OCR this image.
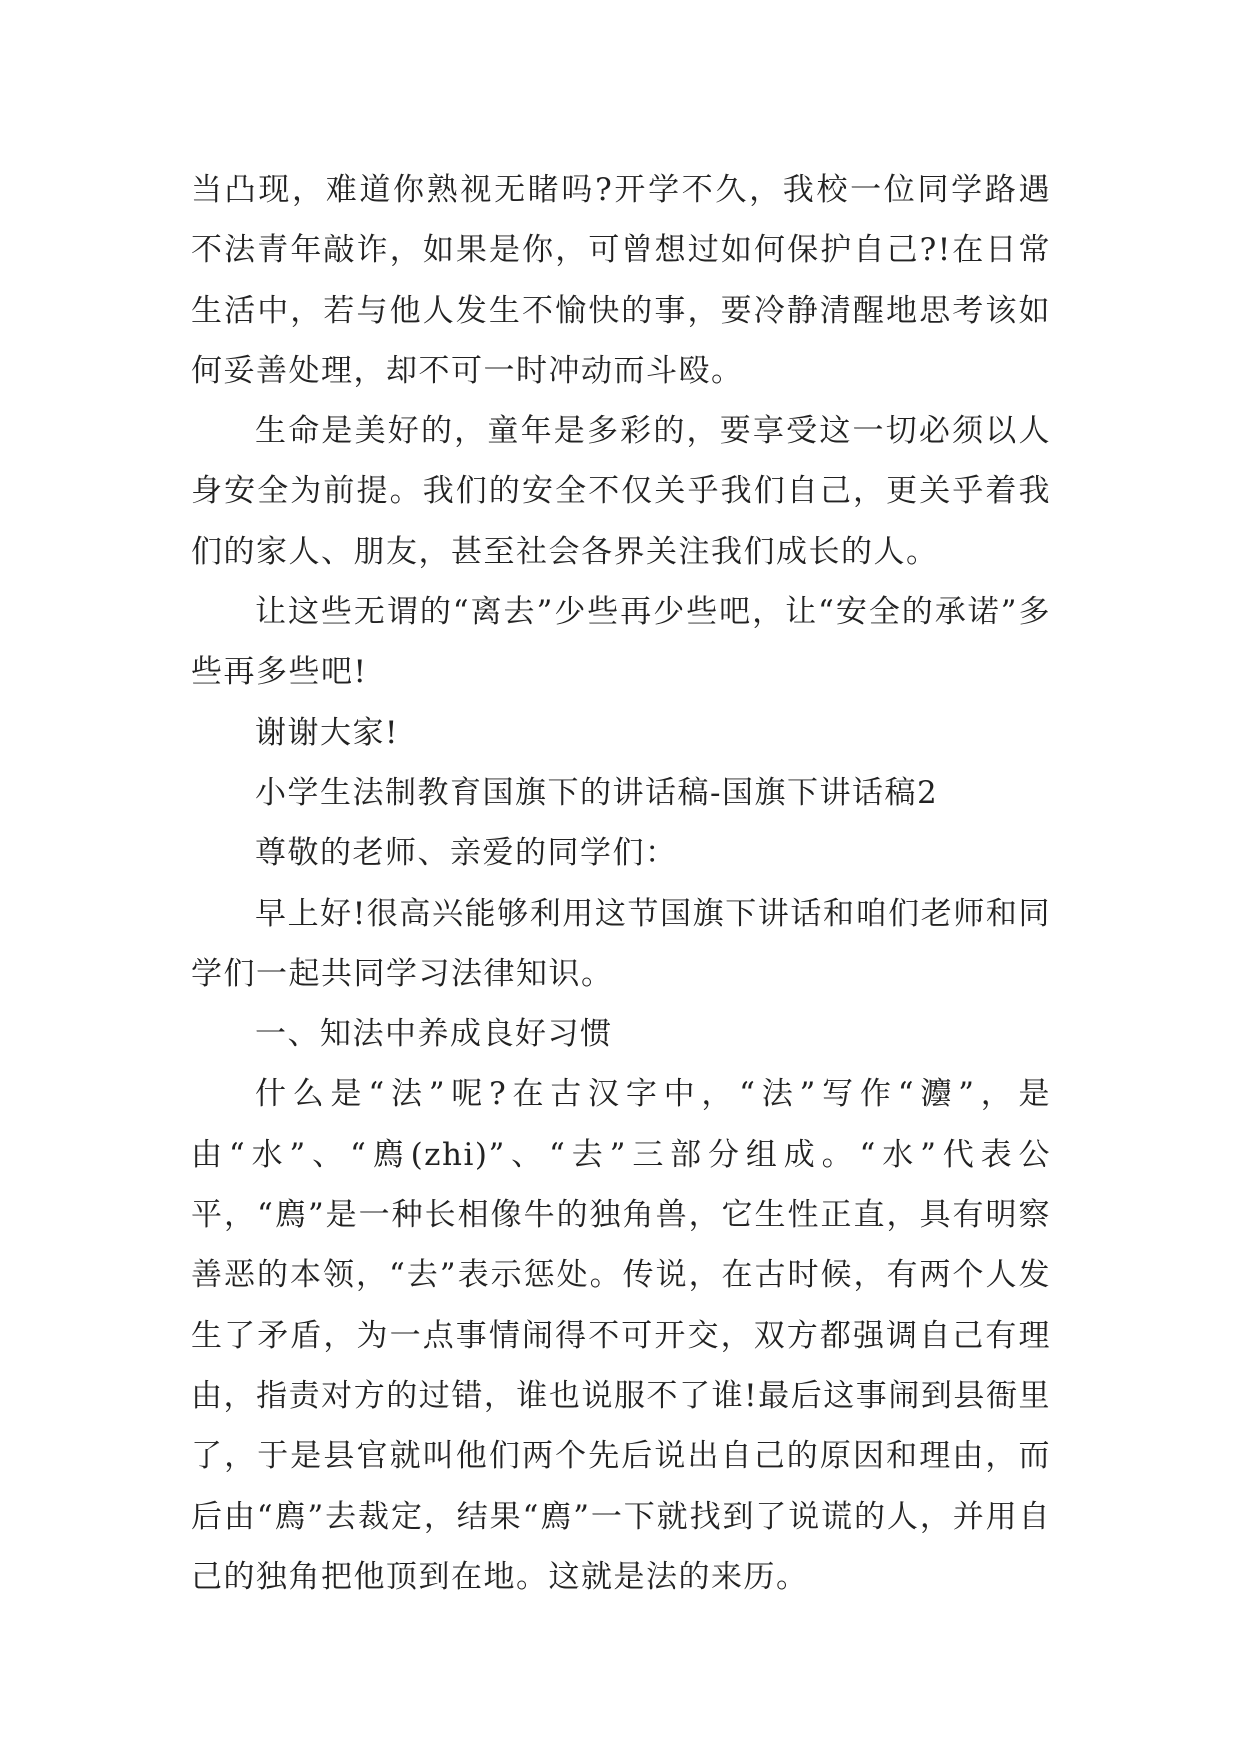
当凸现，难道你熟视无睹吗?开学不久，我校一位同学路遇不法青年敲诈，如果是你，可曾想过如何保护自己?!在日常生活中，若与他人发生不愉快的事，要冷静清醒地思考该如何妥善处理，却不可一时冲动而斗殴。

生命是美好的，童年是多彩的，要享受这一切必须以人身安全为前提。我们的安全不仅关乎我们自己，更关乎着我们的家人、朋友，甚至社会各界关注我们成长的人。

让这些无谓的“离去”少些再少些吧，让“安全的承诺”多些再多些吧!

谢谢大家!

小学生法制教育国旗下的讲话稿-国旗下讲话稿2

尊敬的老师、亲爱的同学们：

早上好!很高兴能够利用这节国旗下讲话和咱们老师和同学们一起共同学习法律知识。

一、知法中养成良好习惯

什么是“法”呢?在古汉字中，“法”写作“灋”，是由“水”、“廌(zhi)”、“去”三部分组成。“水”代表公平，“廌”是一种长相像牛的独角兽，它生性正直，具有明察善恶的本领，“去”表示惩处。传说，在古时候，有两个人发生了矛盾，为一点事情闹得不可开交，双方都强调自己有理由，指责对方的过错，谁也说服不了谁!最后这事闹到县衙里了，于是县官就叫他们两个先后说出自己的原因和理由，而后由“廌”去裁定，结果“廌”一下就找到了说谎的人，并用自己的独角把他顶到在地。这就是法的来历。
